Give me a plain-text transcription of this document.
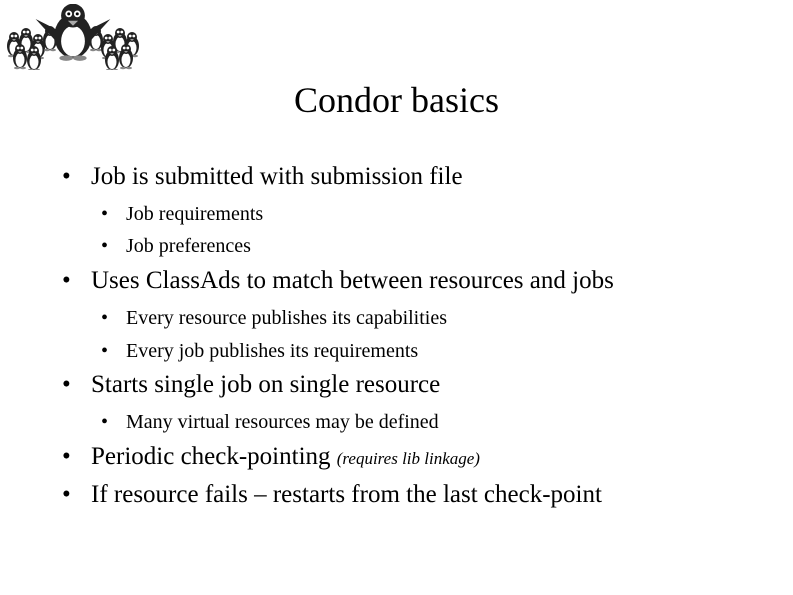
Condor basics
• Job is submitted with submission file
• Job requirements
• Job preferences
• Uses ClassAds to match between resources and jobs
• Every resource publishes its capabilities
• Every job publishes its requirements
• Starts single job on single resource
• Many virtual resources may be defined
• Periodic check-pointing (requires lib linkage)
• If resource fails – restarts from the last check-point
